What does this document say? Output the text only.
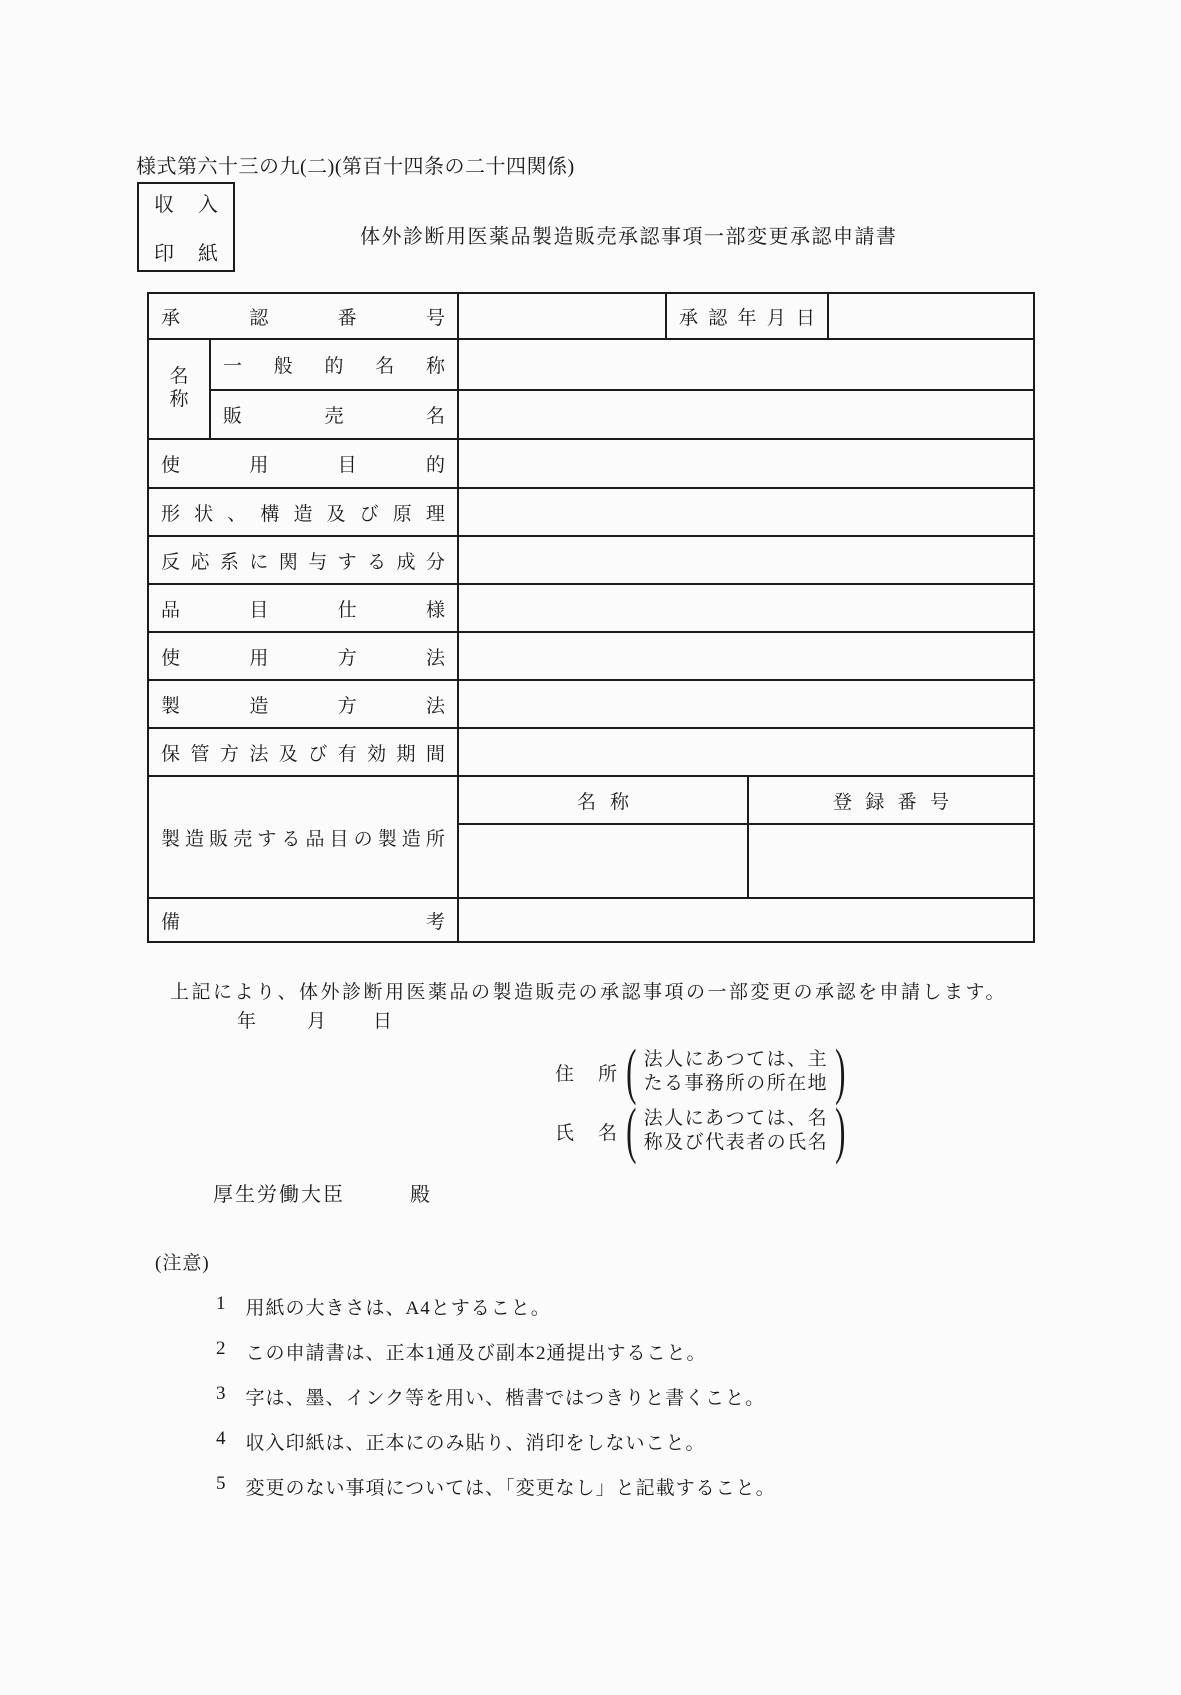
様式第六十三の九(二)(第百十四条の二十四関係)
収 入
印 紙
体外診断用医薬品製造販売承認事項一部変更承認申請書
承 認 番 号			承 認 年 月 日		

名
称	一 般 的 名 称				

	販 売 名				

使 用 目 的					

形 状 、 構 造 及 び 原 理

反 応 系 に 関 与 す る 成 分

品 目 仕 様					

使 用 方 法					

製 造 方 法					

保 管 方 法 及 び 有 効 期 間

製 造 販 売 す る 品 目 の 製 造 所

名 称	登 録 番 号

備 考					

上記により、体外診断用医薬品の製造販売の承認事項の一部変更の承認を申請します。
年	月 日
住 所 ( 法人にあつては、主
たる事務所の所在地 )
氏 名 ( 法人にあつては、名
称及び代表者の氏名 )
厚生労働大臣	殿
(注意)
1 用紙の大きさは、A4とすること。
2 この申請書は、正本1通及び副本2通提出すること。
3 字は、墨、インク等を用い、楷書ではつきりと書くこと。
4 収入印紙は、正本にのみ貼り、消印をしないこと。
5 変更のない事項については、「変更なし」と記載すること。
